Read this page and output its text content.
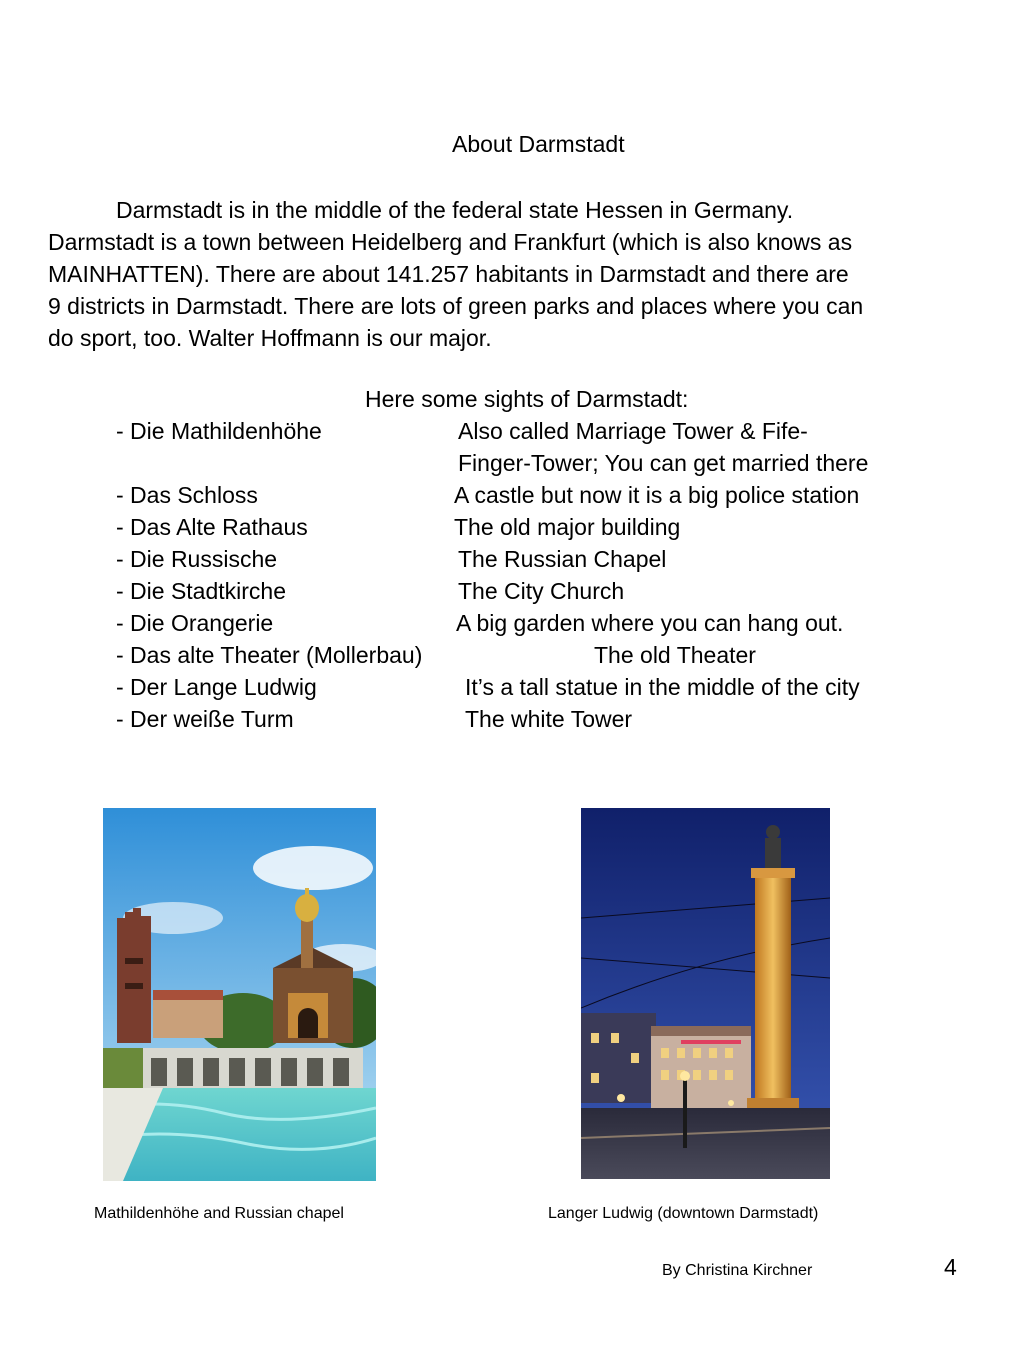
About Darmstadt
Darmstadt is in the middle of the federal state Hessen in Germany.
Darmstadt is a town between Heidelberg and Frankfurt (which is also knows as
MAINHATTEN). There are about 141.257 habitants in Darmstadt and there are
9 districts in Darmstadt. There are lots of green parks and places where you can
do sport, too. Walter Hoffmann is our major.
Here some sights of Darmstadt:
- Die Mathildenhöhe	Also called Marriage Tower & Fife-
Finger-Tower; You can get married there
- Das Schloss	A castle but now it is a big police station
- Das Alte Rathaus	The old major building
- Die Russische	The Russian Chapel
- Die Stadtkirche	The City Church
- Die Orangerie	A big garden where you can hang out.
- Das alte Theater (Mollerbau)	The old Theater
- Der Lange Ludwig	It’s a tall statue in the middle of the city
- Der weiße Turm	The white Tower
Mathildenhöhe and Russian chapel	Langer Ludwig (downtown Darmstadt)
By Christina Kirchner	4
